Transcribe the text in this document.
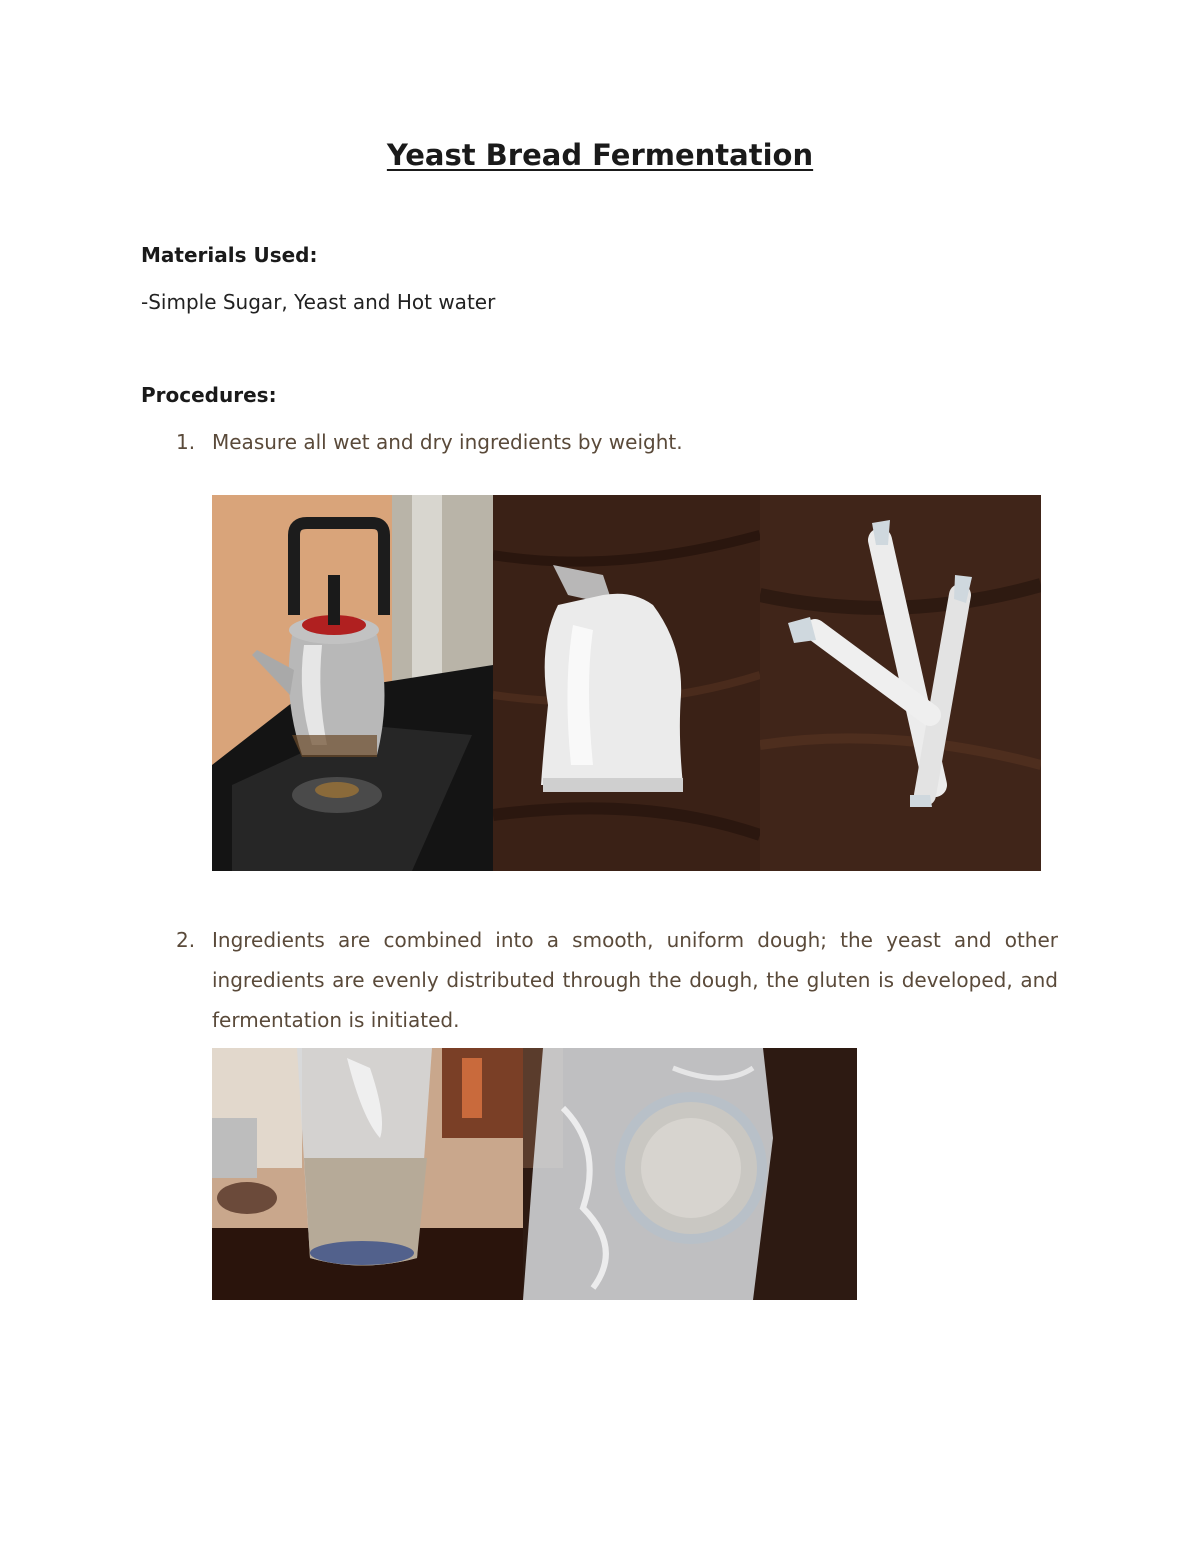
Yeast Bread Fermentation
Materials Used:

-Simple Sugar, Yeast and Hot water

Procedures:
1. Measure all wet and dry ingredients by weight.
2. Ingredients are combined into a smooth, uniform dough; the yeast and other ingredients are evenly distributed through the dough, the gluten is developed, and fermentation is initiated.
